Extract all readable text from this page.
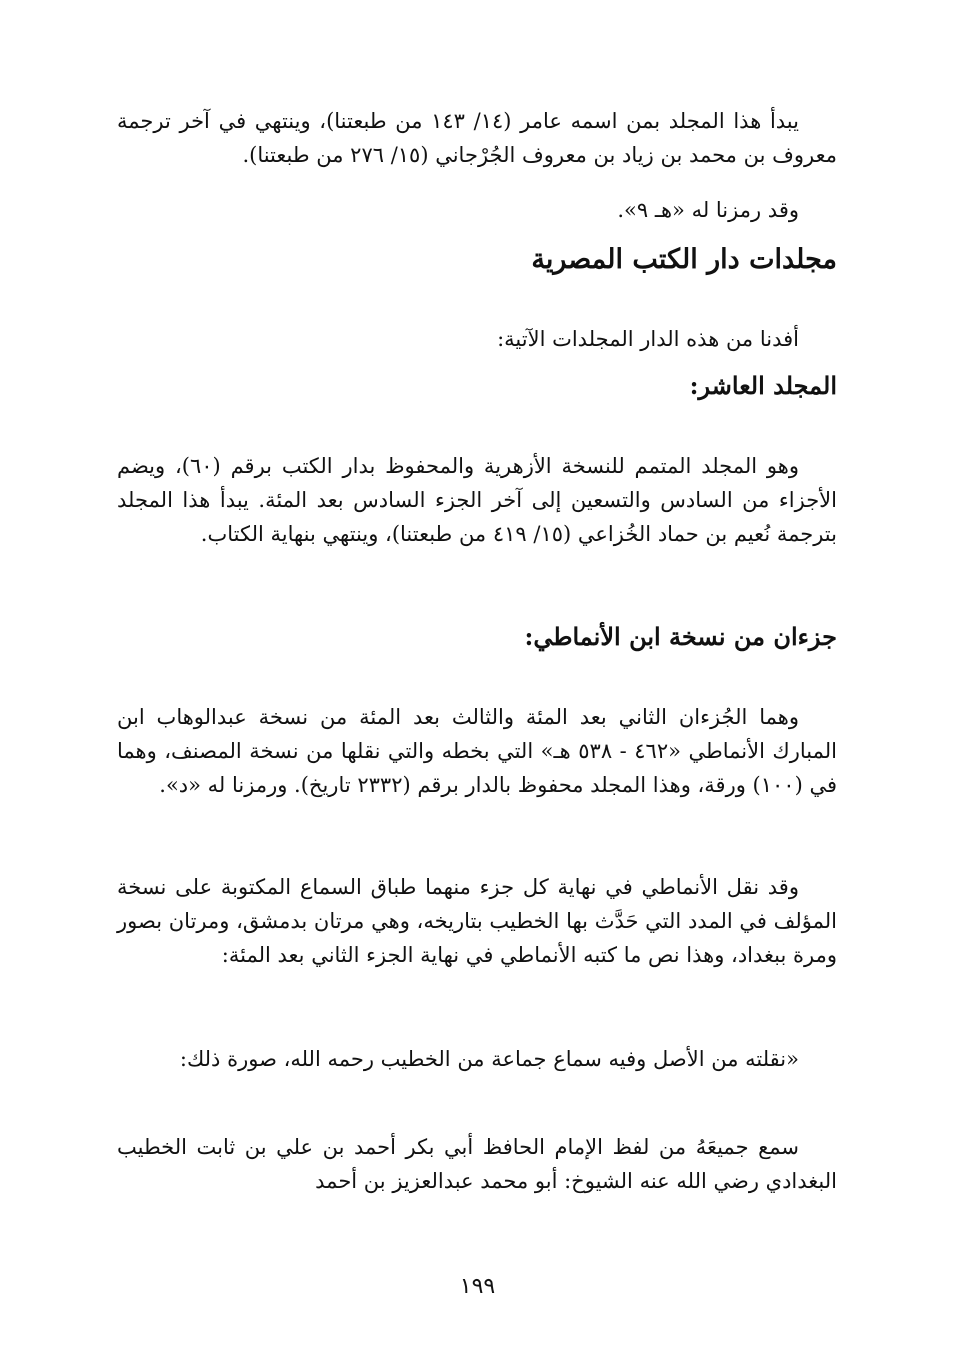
يبدأ هذا المجلد بمن اسمه عامر (١٤/ ١٤٣ من طبعتنا)، وينتهي في آخر ترجمة معروف بن محمد بن زياد بن معروف الجُرْجاني (١٥/ ٢٧٦ من طبعتنا).
وقد رمزنا له «هـ ٩».
مجلدات دار الكتب المصرية
أفدنا من هذه الدار المجلدات الآتية:
المجلد العاشر:
وهو المجلد المتمم للنسخة الأزهرية والمحفوظ بدار الكتب برقم (٦٠)، ويضم الأجزاء من السادس والتسعين إلى آخر الجزء السادس بعد المئة. يبدأ هذا المجلد بترجمة نُعيم بن حماد الخُزاعي (١٥/ ٤١٩ من طبعتنا)، وينتهي بنهاية الكتاب.
جزءان من نسخة ابن الأنماطي:
وهما الجُزءان الثاني بعد المئة والثالث بعد المئة من نسخة عبدالوهاب ابن المبارك الأنماطي «٤٦٢ - ٥٣٨ هـ» التي بخطه والتي نقلها من نسخة المصنف، وهما في (١٠٠) ورقة، وهذا المجلد محفوظ بالدار برقم (٢٣٣٢ تاريخ). ورمزنا له «د».
وقد نقل الأنماطي في نهاية كل جزء منهما طباق السماع المكتوبة على نسخة المؤلف في المدد التي حَدَّث بها الخطيب بتاريخه، وهي مرتان بدمشق، ومرتان بصور ومرة ببغداد، وهذا نص ما كتبه الأنماطي في نهاية الجزء الثاني بعد المئة:
«نقلته من الأصل وفيه سماع جماعة من الخطيب رحمه الله، صورة ذلك:
سمع جميعَهُ من لفظ الإمام الحافظ أبي بكر أحمد بن علي بن ثابت الخطيب البغدادي رضي الله عنه الشيوخ: أبو محمد عبدالعزيز بن أحمد
١٩٩
